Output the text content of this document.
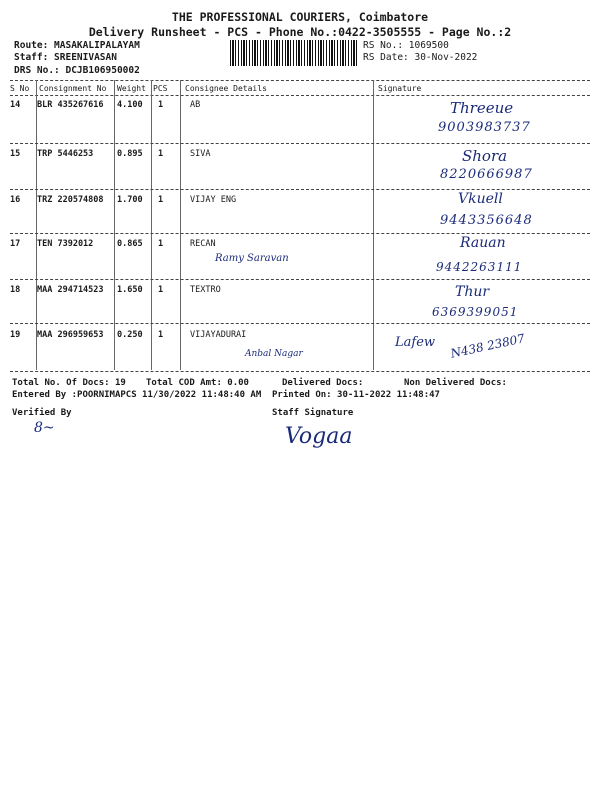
THE PROFESSIONAL COURIERS, Coimbatore
Delivery Runsheet - PCS - Phone No.:0422-3505555 - Page No.:2
Route: MASAKALIPALAYAM
Staff: SREENIVASAN
DRS No.: DCJB106950002
RS No.: 1069500
RS Date: 30-Nov-2022
S No Consignment No Weight PCS Consignee Details	Signature
14 BLR 435267616 4.100 1	AB	Threeue
9003983737
15 TRP 5446253	0.895 1	SIVA	Shora
8220666987
16 TRZ 220574808 1.700 1	VIJAY ENG	Vkuell
9443356648
17 TEN 7392012	0.865 1	RECAN
Ramy Saravan
Rauan
9442263111
18 MAA 294714523 1.650 1	TEXTRO	Thur
6369399051
19 MAA 296959653 0.250 1	VIJAYADURAI
Anbal Nagar
Lafew N438 23807
Total No. Of Docs: 19 Total COD Amt: 0.00	Delivered Docs:	Non Delivered Docs:
Entered By :POORNIMAPCS 11/30/2022 11:48:40 AM Printed On: 30-11-2022 11:48:47
Verified By	Staff Signature
8~	Vogaa
